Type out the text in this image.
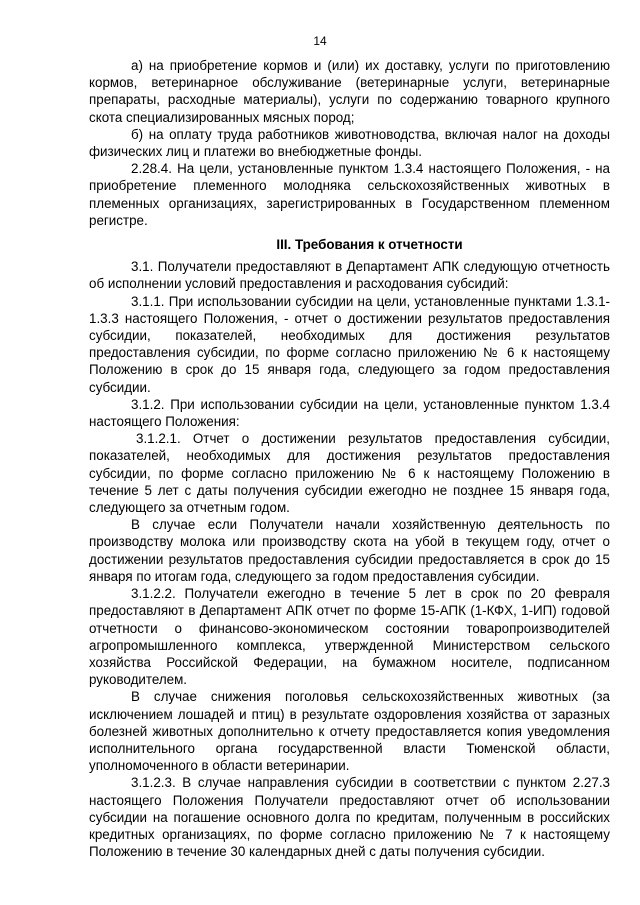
14

а) на приобретение кормов и (или) их доставку, услуги по приготовлению кормов, ветеринарное обслуживание (ветеринарные услуги, ветеринарные препараты, расходные материалы), услуги по содержанию товарного крупного скота специализированных мясных пород;

б) на оплату труда работников животноводства, включая налог на доходы физических лиц и платежи во внебюджетные фонды.

2.28.4. На цели, установленные пунктом 1.3.4 настоящего Положения, - на приобретение племенного молодняка сельскохозяйственных животных в племенных организациях, зарегистрированных в Государственном племенном регистре.

III. Требования к отчетности

3.1. Получатели предоставляют в Департамент АПК следующую отчетность об исполнении условий предоставления и расходования субсидий:

3.1.1. При использовании субсидии на цели, установленные пунктами 1.3.1-1.3.3 настоящего Положения, - отчет о достижении результатов предоставления субсидии, показателей, необходимых для достижения результатов предоставления субсидии, по форме согласно приложению № 6 к настоящему Положению в срок до 15 января года, следующего за годом предоставления субсидии.

3.1.2. При использовании субсидии на цели, установленные пунктом 1.3.4 настоящего Положения:

3.1.2.1. Отчет о достижении результатов предоставления субсидии, показателей, необходимых для достижения результатов предоставления субсидии, по форме согласно приложению № 6 к настоящему Положению в течение 5 лет с даты получения субсидии ежегодно не позднее 15 января года, следующего за отчетным годом.

В случае если Получатели начали хозяйственную деятельность по производству молока или производству скота на убой в текущем году, отчет о достижении результатов предоставления субсидии предоставляется в срок до 15 января по итогам года, следующего за годом предоставления субсидии.

3.1.2.2. Получатели ежегодно в течение 5 лет в срок по 20 февраля предоставляют в Департамент АПК отчет по форме 15-АПК (1-КФХ, 1-ИП) годовой отчетности о финансово-экономическом состоянии товаропроизводителей агропромышленного комплекса, утвержденной Министерством сельского хозяйства Российской Федерации, на бумажном носителе, подписанном руководителем.

В случае снижения поголовья сельскохозяйственных животных (за исключением лошадей и птиц) в результате оздоровления хозяйства от заразных болезней животных дополнительно к отчету предоставляется копия уведомления исполнительного органа государственной власти Тюменской области, уполномоченного в области ветеринарии.

3.1.2.3. В случае направления субсидии в соответствии с пунктом 2.27.3 настоящего Положения Получатели предоставляют отчет об использовании субсидии на погашение основного долга по кредитам, полученным в российских кредитных организациях, по форме согласно приложению № 7 к настоящему Положению в течение 30 календарных дней с даты получения субсидии.
